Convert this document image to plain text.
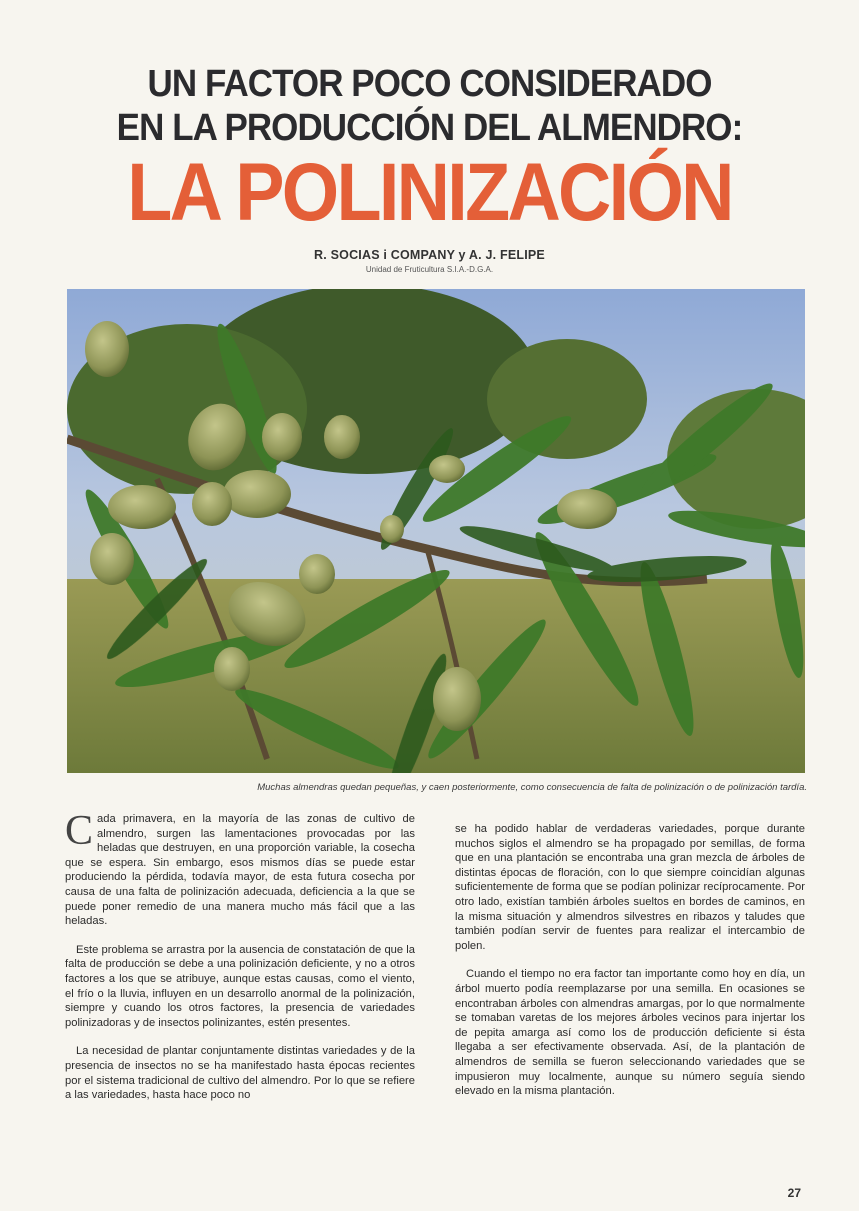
UN FACTOR POCO CONSIDERADO
EN LA PRODUCCIÓN DEL ALMENDRO:
LA POLINIZACIÓN
R. SOCIAS i COMPANY y A. J. FELIPE
Unidad de Fruticultura S.I.A.-D.G.A.
Muchas almendras quedan pequeñas, y caen posteriormente, como consecuencia de falta de polinización o de polinización tardía.

Cada primavera, en la mayoría de las zonas de cultivo de almendro, surgen las lamentaciones provocadas por las heladas que destruyen, en una proporción variable, la cosecha que se espera. Sin embargo, esos mismos días se puede estar produciendo la pérdida, todavía mayor, de esta futura cosecha por causa de una falta de polinización adecuada, deficiencia a la que se puede poner remedio de una manera mucho más fácil que a las heladas.

Este problema se arrastra por la ausencia de constatación de que la falta de producción se debe a una polinización deficiente, y no a otros factores a los que se atribuye, aunque estas causas, como el viento, el frío o la lluvia, influyen en un desarrollo anormal de la polinización, siempre y cuando los otros factores, la presencia de variedades polinizadoras y de insectos polinizantes, estén presentes.

La necesidad de plantar conjuntamente distintas variedades y de la presencia de insectos no se ha manifestado hasta épocas recientes por el sistema tradicional de cultivo del almendro. Por lo que se refiere a las variedades, hasta hace poco no

se ha podido hablar de verdaderas variedades, porque durante muchos siglos el almendro se ha propagado por semillas, de forma que en una plantación se encontraba una gran mezcla de árboles de distintas épocas de floración, con lo que siempre coincidían algunas suficientemente de forma que se podían polinizar recíprocamente. Por otro lado, existían también árboles sueltos en bordes de caminos, en la misma situación y almendros silvestres en ribazos y taludes que también podían servir de fuentes para realizar el intercambio de polen.

Cuando el tiempo no era factor tan importante como hoy en día, un árbol muerto podía reemplazarse por una semilla. En ocasiones se encontraban árboles con almendras amargas, por lo que normalmente se tomaban varetas de los mejores árboles vecinos para injertar los de pepita amarga así como los de producción deficiente si ésta llegaba a ser efectivamente observada. Así, de la plantación de almendros de semilla se fueron seleccionando variedades que se impusieron muy localmente, aunque su número seguía siendo elevado en la misma plantación.

27
